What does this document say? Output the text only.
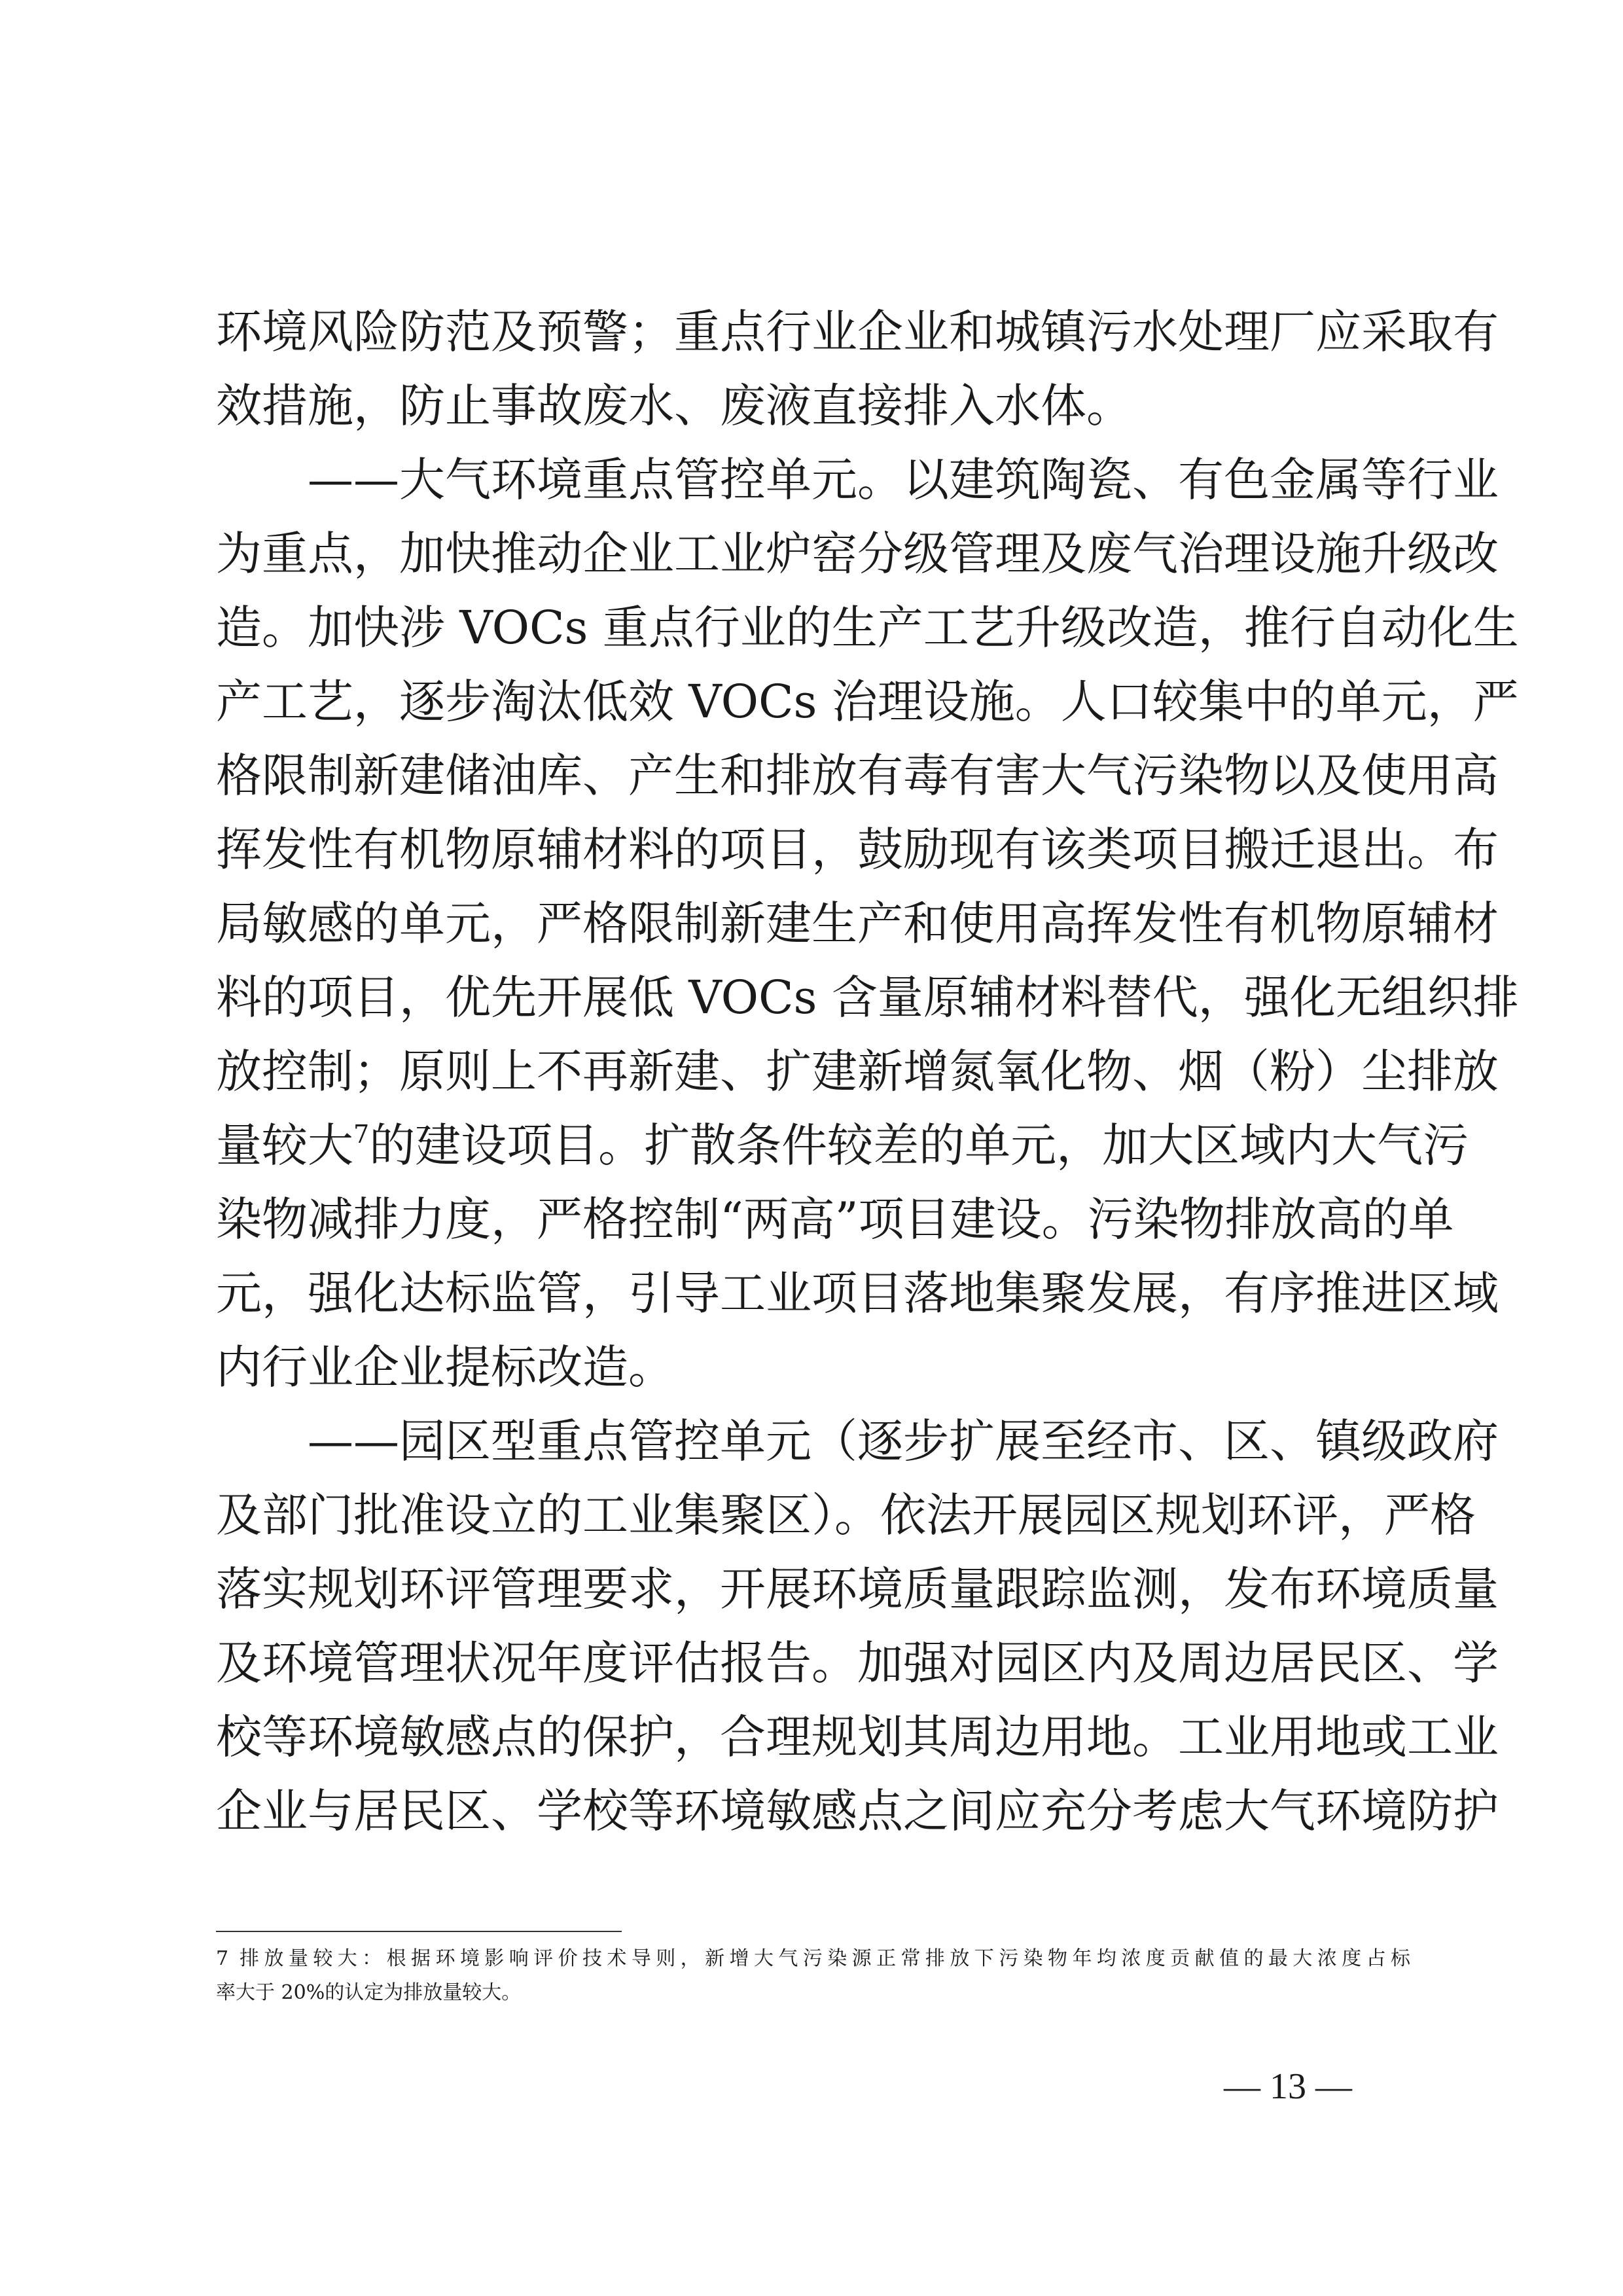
环境风险防范及预警；重点行业企业和城镇污水处理厂应采取有
效措施，防止事故废水、废液直接排入水体。
——大气环境重点管控单元。以建筑陶瓷、有色金属等行业
为重点，加快推动企业工业炉窑分级管理及废气治理设施升级改
造。加快涉 VOCs 重点行业的生产工艺升级改造，推行自动化生
产工艺，逐步淘汰低效 VOCs 治理设施。人口较集中的单元，严
格限制新建储油库、产生和排放有毒有害大气污染物以及使用高
挥发性有机物原辅材料的项目，鼓励现有该类项目搬迁退出。布
局敏感的单元，严格限制新建生产和使用高挥发性有机物原辅材
料的项目，优先开展低 VOCs 含量原辅材料替代，强化无组织排
放控制；原则上不再新建、扩建新增氮氧化物、烟（粉）尘排放
量较大$^7$的建设项目。扩散条件较差的单元，加大区域内大气污
染物减排力度，严格控制“两高”项目建设。污染物排放高的单
元，强化达标监管，引导工业项目落地集聚发展，有序推进区域
内行业企业提标改造。
——园区型重点管控单元（逐步扩展至经市、区、镇级政府
及部门批准设立的工业集聚区）。依法开展园区规划环评，严格
落实规划环评管理要求，开展环境质量跟踪监测，发布环境质量
及环境管理状况年度评估报告。加强对园区内及周边居民区、学
校等环境敏感点的保护，合理规划其周边用地。工业用地或工业
企业与居民区、学校等环境敏感点之间应充分考虑大气环境防护
7 排放量较大：根据环境影响评价技术导则，新增大气污染源正常排放下污染物年均浓度贡献值的最大浓度占标
率大于 20%的认定为排放量较大。
— 13 —
